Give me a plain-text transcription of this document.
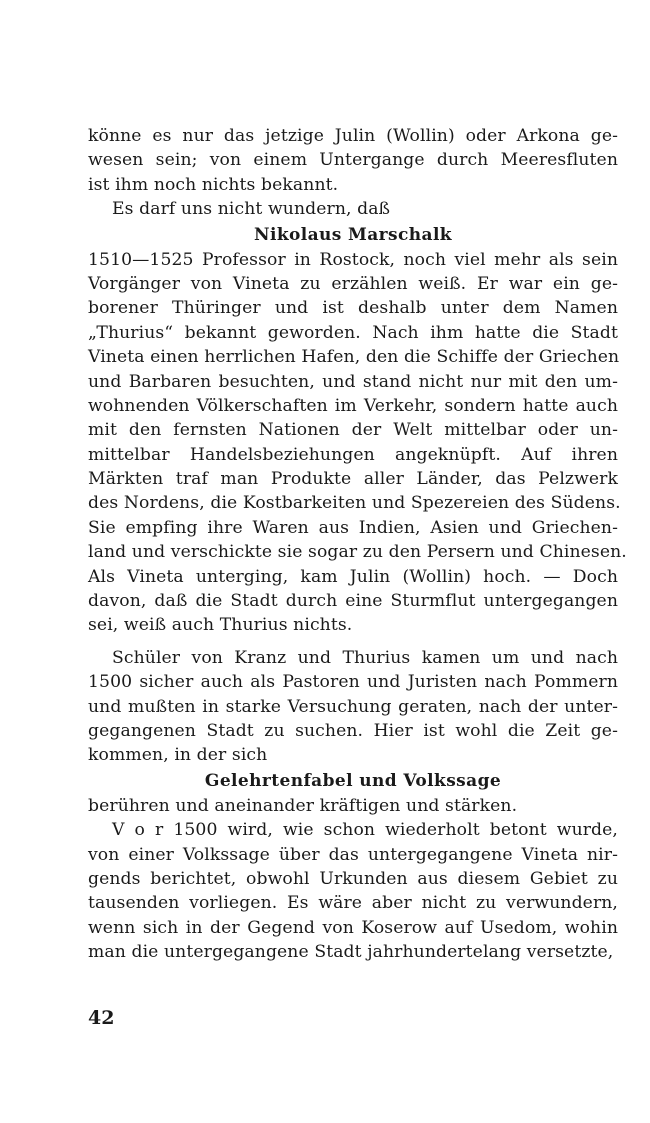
könne es nur das jetzige Julin (Wollin) oder Arkona ge-
wesen sein; von einem Untergange durch Meeresfluten
ist ihm noch nichts bekannt.
Es darf uns nicht wundern, daß
Nikolaus Marschalk
1510—1525 Professor in Rostock, noch viel mehr als sein
Vorgänger von Vineta zu erzählen weiß. Er war ein ge-
borener Thüringer und ist deshalb unter dem Namen
„Thurius“ bekannt geworden. Nach ihm hatte die Stadt
Vineta einen herrlichen Hafen, den die Schiffe der Griechen
und Barbaren besuchten, und stand nicht nur mit den um-
wohnenden Völkerschaften im Verkehr, sondern hatte auch
mit den fernsten Nationen der Welt mittelbar oder un-
mittelbar Handelsbeziehungen angeknüpft. Auf ihren
Märkten traf man Produkte aller Länder, das Pelzwerk
des Nordens, die Kostbarkeiten und Spezereien des Südens.
Sie empfing ihre Waren aus Indien, Asien und Griechen-
land und verschickte sie sogar zu den Persern und Chinesen.
Als Vineta unterging, kam Julin (Wollin) hoch. — Doch
davon, daß die Stadt durch eine Sturmflut untergegangen
sei, weiß auch Thurius nichts.
Schüler von Kranz und Thurius kamen um und nach
1500 sicher auch als Pastoren und Juristen nach Pommern
und mußten in starke Versuchung geraten, nach der unter-
gegangenen Stadt zu suchen. Hier ist wohl die Zeit ge-
kommen, in der sich
Gelehrtenfabel und Volkssage
berühren und aneinander kräftigen und stärken.
V o r 1500 wird, wie schon wiederholt betont wurde,
von einer Volkssage über das untergegangene Vineta nir-
gends berichtet, obwohl Urkunden aus diesem Gebiet zu
tausenden vorliegen. Es wäre aber nicht zu verwundern,
wenn sich in der Gegend von Koserow auf Usedom, wohin
man die untergegangene Stadt jahrhundertelang versetzte,
42
